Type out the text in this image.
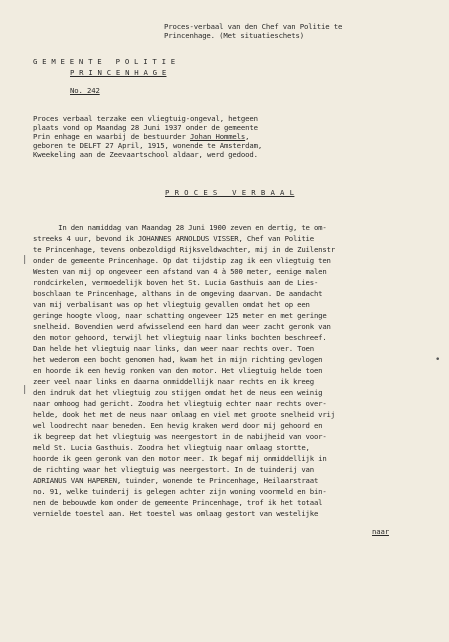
Proces-verbaal van den Chef van Politie te
Princenhage. (Met situatieschets)
G E M E E N T E   P O L I T I E
P R I N C E N H A G E
No. 242
Proces verbaal terzake een vliegtuig-ongeval, hetgeen
plaats vond op Maandag 28 Juni 1937 onder de gemeente
Prin enhage en waarbij de bestuurder Johan Hommels,
geboren te DELFT 27 April, 1915, wonende te Amsterdam,
Kweekeling aan de Zeevaartschool aldaar, werd gedood.
P R O C E S   V E R B A A L
In den namiddag van Maandag 28 Juni 1900 zeven en dertig, te om-
streeks 4 uur, bevond ik JOHANNES ARNOLDUS VISSER, Chef van Politie
te Princenhage, tevens onbezoldigd Rijksveldwachter, mij in de Zuilenstr
onder de gemeente Princenhage. Op dat tijdstip zag ik een vliegtuig ten
Westen van mij op ongeveer een afstand van 4 à 500 meter, eenige malen
rondcirkelen, vermoedelijk boven het St. Lucia Gasthuis aan de Lies-
boschlaan te Princenhage, althans in de omgeving daarvan. De aandacht
van mij verbalisant was op het vliegtuig gevallen omdat het op een
geringe hoogte vloog, naar schatting ongeveer 125 meter en met geringe
snelheid. Bovendien werd afwisselend een hard dan weer zacht geronk van
den motor gehoord, terwijl het vliegtuig naar links bochten beschreef.
Dan helde het vliegtuig naar links, dan weer naar rechts over. Toen
het wederom een bocht genomen had, kwam het in mijn richting gevlogen
en hoorde ik een hevig ronken van den motor. Het vliegtuig helde toen
zeer veel naar links en daarna onmiddellijk naar rechts en ik kreeg
den indruk dat het vliegtuig zou stijgen omdat het de neus een weinig
naar omhoog had gericht. Zoodra het vliegtuig echter naar rechts over-
helde, dook het met de neus naar omlaag en viel met groote snelheid vrij
wel loodrecht naar beneden. Een hevig kraken werd door mij gehoord en
ik begreep dat het vliegtuig was neergestort in de nabijheid van voor-
meld St. Lucia Gasthuis. Zoodra het vliegtuig naar omlaag stortte,
hoorde ik geen geronk van den motor meer. Ik begaf mij onmiddellijk in
de richting waar het vliegtuig was neergestort. In de tuinderij van
ADRIANUS VAN HAPEREN, tuinder, wonende te Princenhage, Heilaarstraat
no. 91, welke tuinderij is gelegen achter zijn woning voormeld en bin-
nen de bebouwde kom onder de gemeente Princenhage, trof ik het totaal
vernielde toestel aan. Het toestel was omlaag gestort van westelijke
naar
|
|
•
